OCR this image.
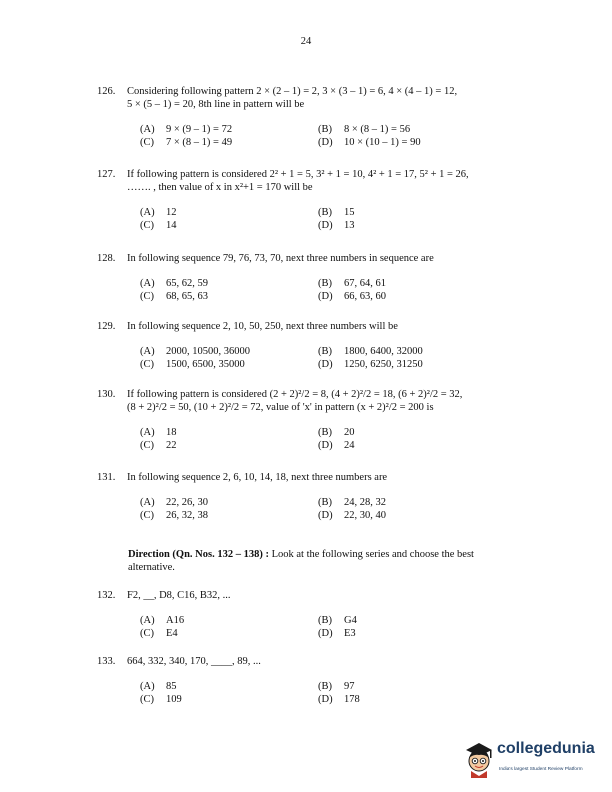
24
126.	Considering following pattern 2 × (2 – 1) = 2, 3 × (3 – 1) = 6, 4 × (4 – 1) = 12,
5 × (5 – 1) = 20, 8th line in pattern will be
(A) 9 × (9 – 1) = 72	(B) 8 × (8 – 1) = 56
(C) 7 × (8 – 1) = 49	(D) 10 × (10 – 1) = 90
127.	If following pattern is considered 2² + 1 = 5, 3² + 1 = 10, 4² + 1 = 17, 5² + 1 = 26,
……. , then value of x in x²+1 = 170 will be
(A) 12	(B) 15
(C) 14	(D) 13
128.	In following sequence 79, 76, 73, 70, next three numbers in sequence are
(A) 65, 62, 59	(B) 67, 64, 61
(C) 68, 65, 63	(D) 66, 63, 60
129.	In following sequence 2, 10, 50, 250, next three numbers will be
(A) 2000, 10500, 36000	(B) 1800, 6400, 32000
(C) 1500, 6500, 35000	(D) 1250, 6250, 31250
130.	If following pattern is considered (2 + 2)²/2 = 8, (4 + 2)²/2 = 18, (6 + 2)²/2 = 32,
(8 + 2)²/2 = 50, (10 + 2)²/2 = 72, value of 'x' in pattern (x + 2)²/2 = 200 is
(A) 18	(B) 20
(C) 22	(D) 24
131.	In following sequence 2, 6, 10, 14, 18, next three numbers are
(A) 22, 26, 30	(B) 24, 28, 32
(C) 26, 32, 38	(D) 22, 30, 40
Direction (Qn. Nos. 132 – 138) : Look at the following series and choose the best alternative.
132.	F2, __, D8, C16, B32, ...
(A) A16	(B) G4
(C) E4	(D) E3
133.	664, 332, 340, 170, ____, 89, ...
(A) 85	(B) 97
(C) 109	(D) 178
collegedunia
India's largest Student Review Platform
